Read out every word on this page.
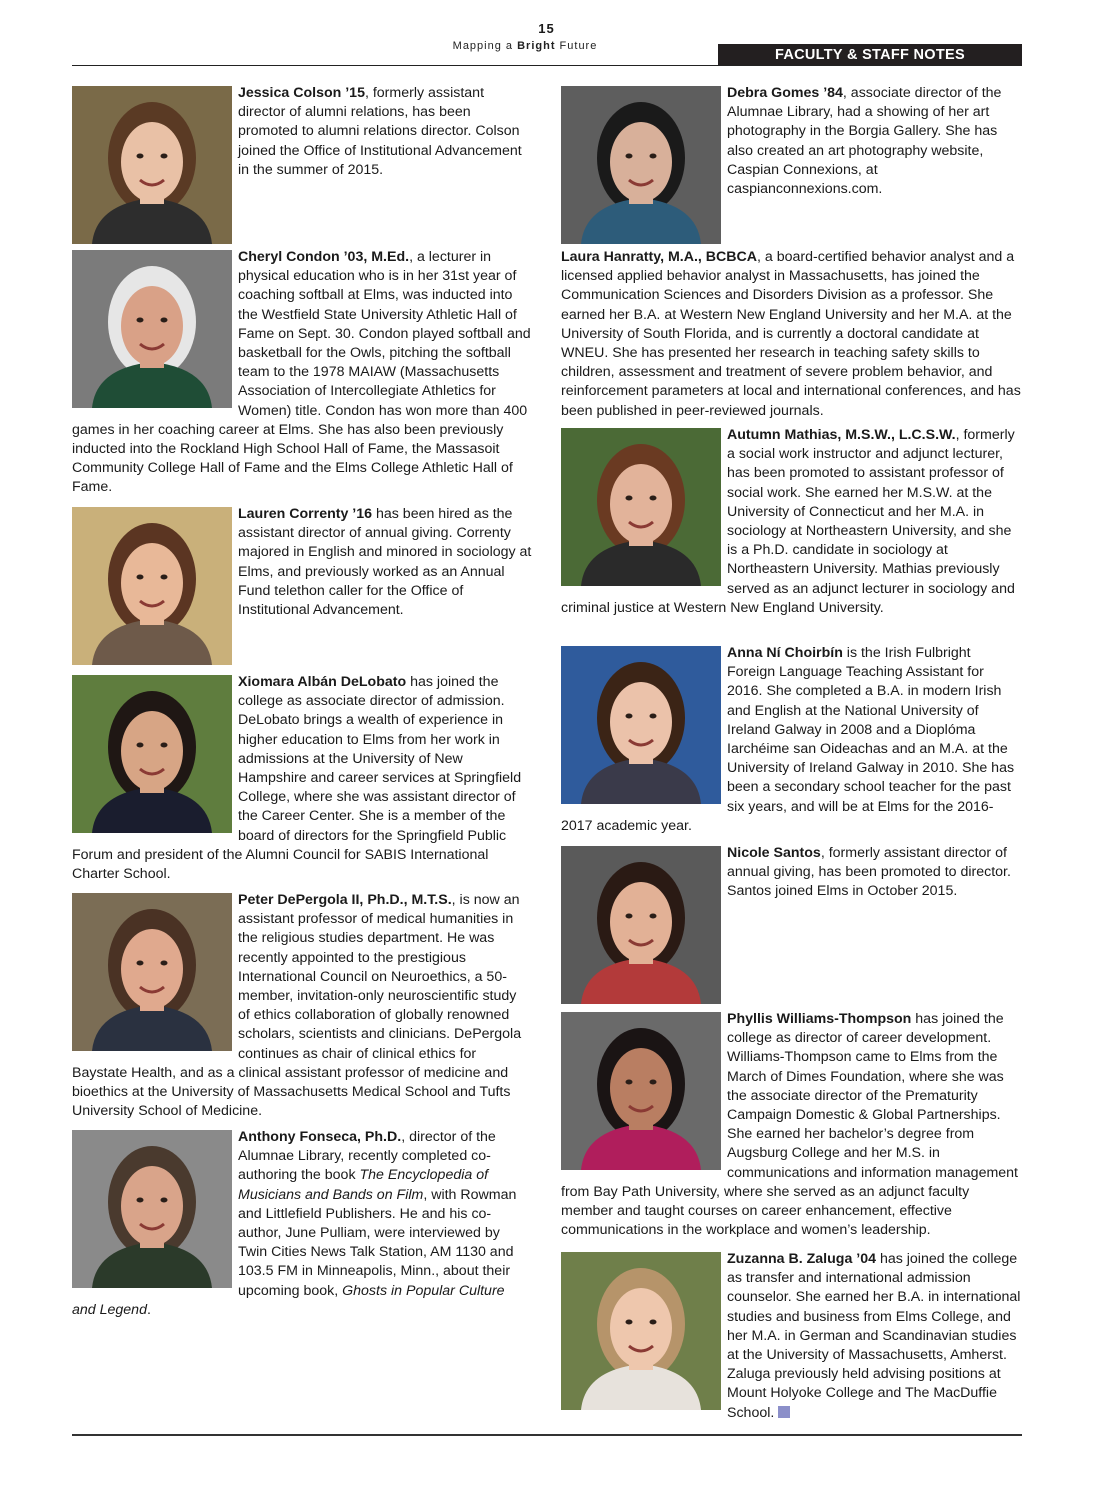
15
Mapping a Bright Future
FACULTY & STAFF NOTES
Jessica Colson ’15, formerly assistant director of alumni relations, has been promoted to alumni relations director. Colson joined the Office of Institutional Advancement in the summer of 2015.
Cheryl Condon ’03, M.Ed., a lecturer in physical education who is in her 31st year of coaching softball at Elms, was inducted into the Westfield State University Athletic Hall of Fame on Sept. 30. Condon played softball and basketball for the Owls, pitching the softball team to the 1978 MAIAW (Massachusetts Association of Intercollegiate Athletics for Women) title. Condon has won more than 400 games in her coaching career at Elms. She has also been previously inducted into the Rockland High School Hall of Fame, the Massasoit Community College Hall of Fame and the Elms College Athletic Hall of Fame.
Lauren Correnty ’16 has been hired as the assistant director of annual giving. Correnty majored in English and minored in sociology at Elms, and previously worked as an Annual Fund telethon caller for the Office of Institutional Advancement.
Xiomara Albán DeLobato has joined the college as associate director of admission. DeLobato brings a wealth of experience in higher education to Elms from her work in admissions at the University of New Hampshire and career services at Springfield College, where she was assistant director of the Career Center. She is a member of the board of directors for the Springfield Public Forum and president of the Alumni Council for SABIS International Charter School.
Peter DePergola II, Ph.D., M.T.S., is now an assistant professor of medical humanities in the religious studies department. He was recently appointed to the prestigious International Council on Neuroethics, a 50-member, invitation-only neuroscientific study of ethics collaboration of globally renowned scholars, scientists and clinicians. DePergola continues as chair of clinical ethics for Baystate Health, and as a clinical assistant professor of medicine and bioethics at the University of Massachusetts Medical School and Tufts University School of Medicine.
Anthony Fonseca, Ph.D., director of the Alumnae Library, recently completed co-authoring the book The Encyclopedia of Musicians and Bands on Film, with Rowman and Littlefield Publishers. He and his co-author, June Pulliam, were interviewed by Twin Cities News Talk Station, AM 1130 and 103.5 FM in Minneapolis, Minn., about their upcoming book, Ghosts in Popular Culture and Legend.
Debra Gomes ’84, associate director of the Alumnae Library, had a showing of her art photography in the Borgia Gallery. She has also created an art photography website, Caspian Connexions, at caspianconnexions.com.
Laura Hanratty, M.A., BCBCA, a board-certified behavior analyst and a licensed applied behavior analyst in Massachusetts, has joined the Communication Sciences and Disorders Division as a professor. She earned her B.A. at Western New England University and her M.A. at the University of South Florida, and is currently a doctoral candidate at WNEU. She has presented her research in teaching safety skills to children, assessment and treatment of severe problem behavior, and reinforcement parameters at local and international conferences, and has been published in peer-reviewed journals.
Autumn Mathias, M.S.W., L.C.S.W., formerly a social work instructor and adjunct lecturer, has been promoted to assistant professor of social work. She earned her M.S.W. at the University of Connecticut and her M.A. in sociology at Northeastern University, and she is a Ph.D. candidate in sociology at Northeastern University. Mathias previously served as an adjunct lecturer in sociology and criminal justice at Western New England University.
Anna Ní Choirbín is the Irish Fulbright Foreign Language Teaching Assistant for 2016. She completed a B.A. in modern Irish and English at the National University of Ireland Galway in 2008 and a Dioplóma Iarchéime san Oideachas and an M.A. at the University of Ireland Galway in 2010. She has been a secondary school teacher for the past six years, and will be at Elms for the 2016-2017 academic year.
Nicole Santos, formerly assistant director of annual giving, has been promoted to director. Santos joined Elms in October 2015.
Phyllis Williams-Thompson has joined the college as director of career development. Williams-Thompson came to Elms from the March of Dimes Foundation, where she was the associate director of the Prematurity Campaign Domestic & Global Partnerships. She earned her bachelor’s degree from Augsburg College and her M.S. in communications and information management from Bay Path University, where she served as an adjunct faculty member and taught courses on career enhancement, effective communications in the workplace and women’s leadership.
Zuzanna B. Zaluga ’04 has joined the college as transfer and international admission counselor. She earned her B.A. in international studies and business from Elms College, and her M.A. in German and Scandinavian studies at the University of Massachusetts, Amherst. Zaluga previously held advising positions at Mount Holyoke College and The MacDuffie School.
